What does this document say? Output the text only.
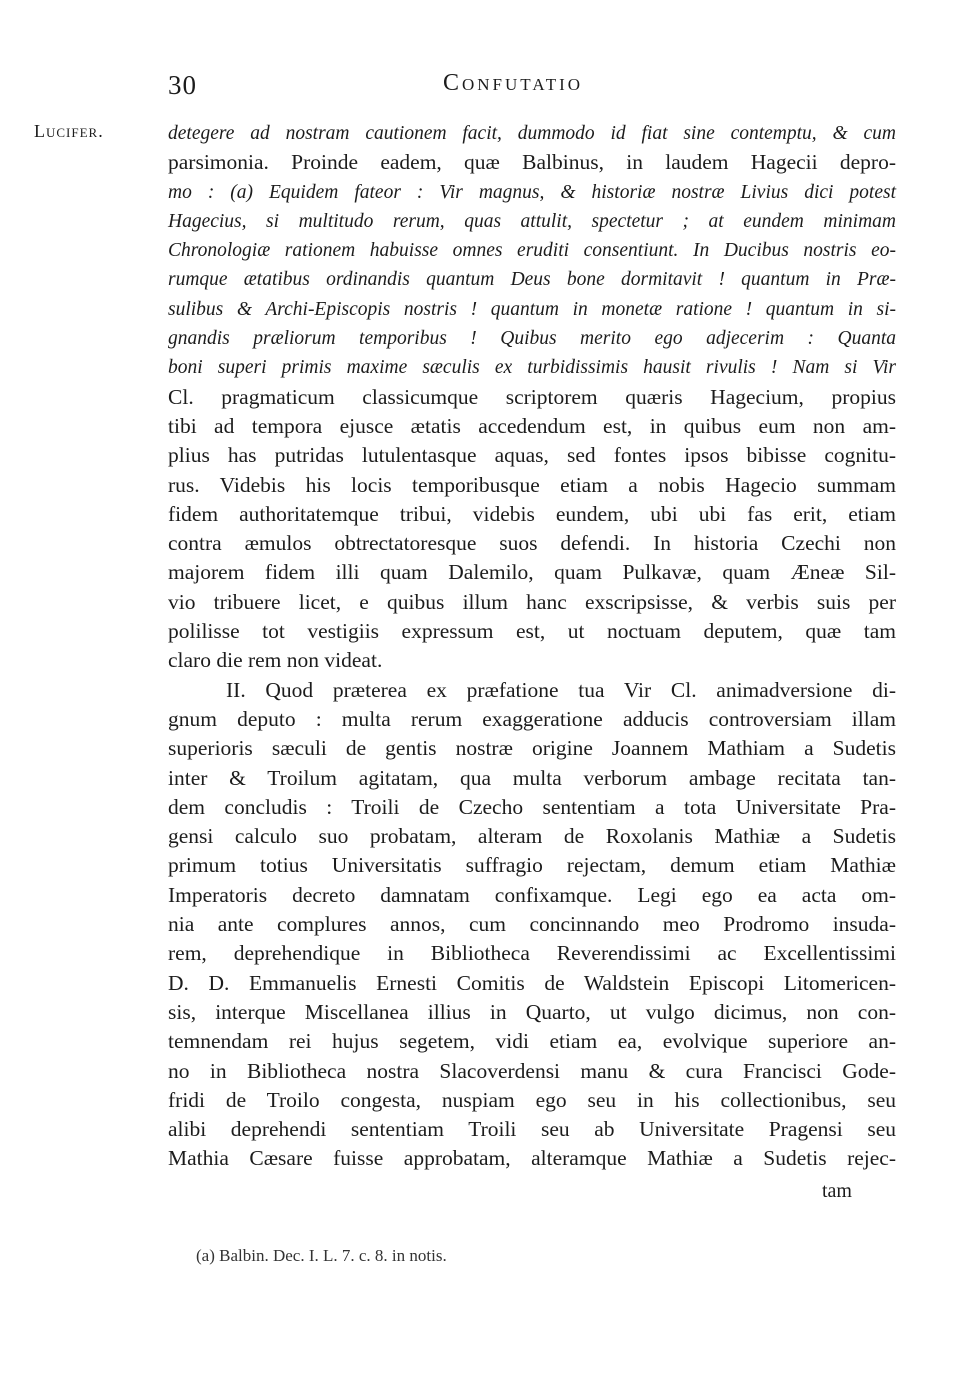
30	Confutatio
Lucifer.	detegere ad nostram cautionem facit, dummodo id fiat sine contemptu, & cum
parsimonia. Proinde eadem, quæ Balbinus, in laudem Hagecii depro-
mo : (a) Equidem fateor : Vir magnus, & historiæ nostræ Livius dici potest
Hagecius, si multitudo rerum, quas attulit, spectetur ; at eundem minimam
Chronologiæ rationem habuisse omnes eruditi consentiunt. In Ducibus nostris eo-
rumque ætatibus ordinandis quantum Deus bone dormitavit ! quantum in Præ-
sulibus & Archi-Episcopis nostris ! quantum in monetæ ratione ! quantum in si-
gnandis præliorum temporibus ! Quibus merito ego adjecerim : Quanta
boni superi primis maxime sæculis ex turbidissimis hausit rivulis ! Nam si Vir
Cl. pragmaticum classicumque scriptorem quæris Hagecium, propius
tibi ad tempora ejusce ætatis accedendum est, in quibus eum non am-
plius has putridas lutulentasque aquas, sed fontes ipsos bibisse cognitu-
rus. Videbis his locis temporibusque etiam a nobis Hagecio summam
fidem authoritatemque tribui, videbis eundem, ubi ubi fas erit, etiam
contra æmulos obtrectatoresque suos defendi. In historia Czechi non
majorem fidem illi quam Dalemilo, quam Pulkavæ, quam Æneæ Sil-
vio tribuere licet, e quibus illum hanc exscripsisse, & verbis suis per
polilisse tot vestigiis expressum est, ut noctuam deputem, quæ tam
claro die rem non videat.
II. Quod præterea ex præfatione tua Vir Cl. animadversione di-
gnum deputo : multa rerum exaggeratione adducis controversiam illam
superioris sæculi de gentis nostræ origine Joannem Mathiam a Sudetis
inter & Troilum agitatam, qua multa verborum ambage recitata tan-
dem concludis : Troili de Czecho sententiam a tota Universitate Pra-
gensi calculo suo probatam, alteram de Roxolanis Mathiæ a Sudetis
primum totius Universitatis suffragio rejectam, demum etiam Mathiæ
Imperatoris decreto damnatam confixamque. Legi ego ea acta om-
nia ante complures annos, cum concinnando meo Prodromo insuda-
rem, deprehendique in Bibliotheca Reverendissimi ac Excellentissimi
D. D. Emmanuelis Ernesti Comitis de Waldstein Episcopi Litomericen-
sis, interque Miscellanea illius in Quarto, ut vulgo dicimus, non con-
temnendam rei hujus segetem, vidi etiam ea, evolvique superiore an-
no in Bibliotheca nostra Slacoverdensi manu & cura Francisci Gode-
fridi de Troilo congesta, nuspiam ego seu in his collectionibus, seu
alibi deprehendi sententiam Troili seu ab Universitate Pragensi seu
Mathia Cæsare fuisse approbatam, alteramque Mathiæ a Sudetis rejec-
tam
(a) Balbin. Dec. I. L. 7. c. 8. in notis.
